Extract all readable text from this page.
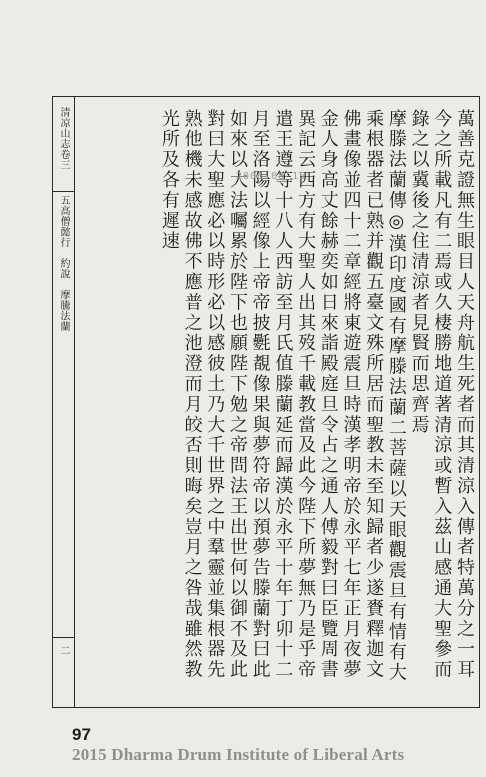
清凉山志卷三
五高僧懿行　約說　摩騰法蘭
二	萬善克證無生眼目人天舟航生死者而其清涼入傳者特萬分之一耳今之所載凡有二焉或久棲勝地道著清涼或暫入茲山感通大聖參而錄之以冀後之住清涼者見賢而思齊焉
摩滕法蘭傳◎漢印度國有摩滕法蘭二菩薩以天眼觀震旦有情有大乘根器者已熟并觀五臺文殊所居而聖教未至知歸者少遂賚釋迦文佛畫像並四十二章經將東遊震旦時漢孝明帝於永平七年正月夜夢金人身高丈餘赫奕如日來詣殿庭旦令占之通人傅毅對曰臣覽周書異記云西方有大聖人出其歿千載教當及此今陛下所夢無乃是乎帝遣王遵等十八人西訪至月氏值滕蘭延而歸漢於永平十年丁卯十二月至洛陽以經像上帝帝披氎覩像果與夢符帝以預夢告滕蘭對曰此如來以大法囑累於陛下也願陛下勉之帝問法王出世何以御不及此對曰大聖應必以時形必以感彼土乃大千世界之中羣靈並集根器先熟他機未感故佛不應普之池澄而月皎否則晦矣豈月之咎哉雖然教光所及各有遲速	2006-08-15
97
2015 Dharma Drum Institute of Liberal Arts
